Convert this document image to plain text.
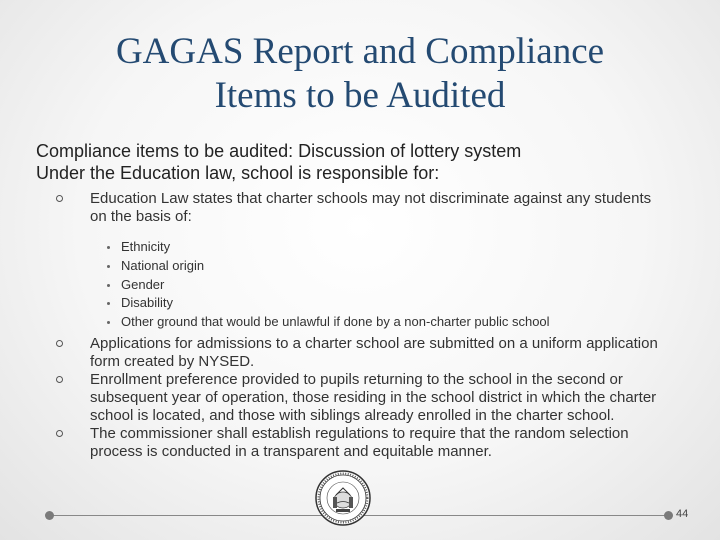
GAGAS Report and Compliance
Items to be Audited

Compliance items to be audited: Discussion of lottery system

Under the Education law, school is responsible for:

Education Law states that charter schools may not discriminate against any students on the basis of:
Ethnicity
National origin
Gender
Disability
Other ground that would be unlawful if done by a non-charter public school
Applications for admissions to a charter school are submitted on a uniform application form created by NYSED.
Enrollment preference provided to pupils returning to the school in the second or subsequent year of operation, those residing in the school district in which the charter school is located, and those with siblings already enrolled in the charter school.
The commissioner shall establish regulations to require that the random selection process is conducted in a transparent and equitable manner.
44
